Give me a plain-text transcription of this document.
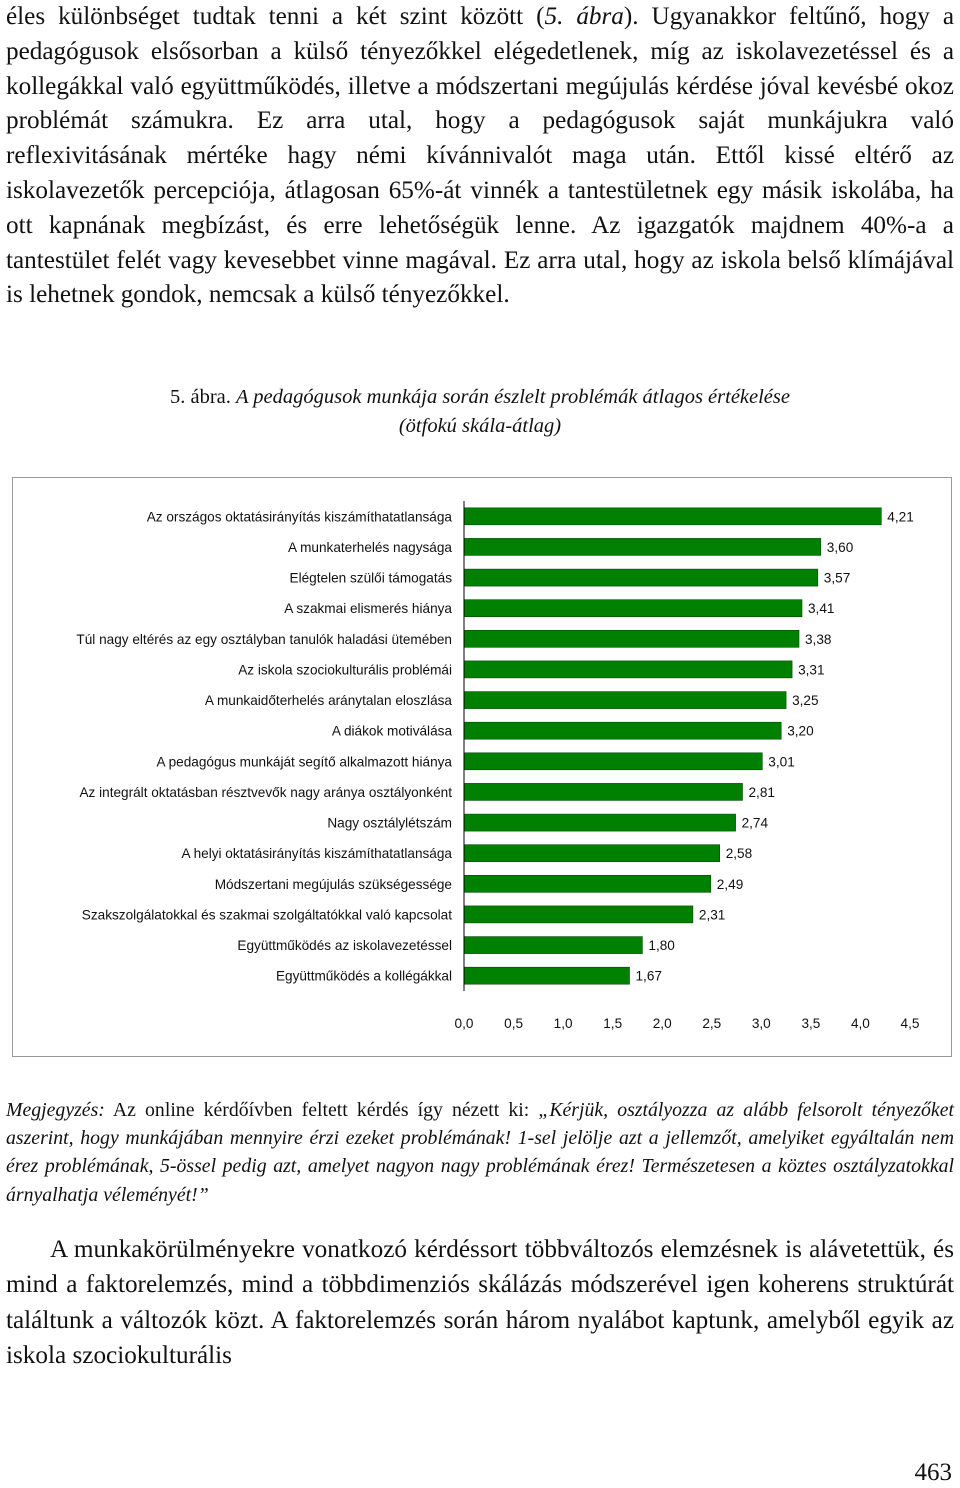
éles különbséget tudtak tenni a két szint között (5. ábra). Ugyanakkor feltűnő, hogy a pedagógusok elsősorban a külső tényezőkkel elégedetlenek, míg az iskolavezetéssel és a kollegákkal való együttműködés, illetve a módszertani megújulás kérdése jóval kevésbé okoz problémát számukra. Ez arra utal, hogy a pedagógusok saját munkájukra való reflexivitásának mértéke hagy némi kívánnivalót maga után. Ettől kissé eltérő az iskolavezetők percepciója, átlagosan 65%-át vinnék a tantestületnek egy másik iskolába, ha ott kapnának megbízást, és erre lehetőségük lenne. Az igazgatók majdnem 40%-a a tantestület felét vagy kevesebbet vinne magával. Ez arra utal, hogy az iskola belső klímájával is lehetnek gondok, nemcsak a külső tényezőkkel.

5. ábra. A pedagógusok munkája során észlelt problémák átlagos értékelése
(ötfokú skála-átlag)
Az országos oktatásirányítás kiszámíthatatlansága	4,21
A munkaterhelés nagysága	3,60
Elégtelen szülői támogatás	3,57
A szakmai elismerés hiánya	3,41
Túl nagy eltérés az egy osztályban tanulók haladási ütemében	3,38
Az iskola szociokulturális problémái	3,31
A munkaidőterhelés aránytalan eloszlása	3,25
A diákok motiválása	3,20
A pedagógus munkáját segítő alkalmazott hiánya	3,01
Az integrált oktatásban résztvevők nagy aránya osztályonként	2,81
Nagy osztálylétszám	2,74
A helyi oktatásirányítás kiszámíthatatlansága	2,58
Módszertani megújulás szükségessége	2,49
Szakszolgálatokkal és szakmai szolgáltatókkal való kapcsolat	2,31
Együttműködés az iskolavezetéssel	1,80
Együttműködés a kollégákkal	1,67
0,0 0,5 1,0 1,5 2,0 2,5 3,0 3,5 4,0 4,5

Megjegyzés: Az online kérdőívben feltett kérdés így nézett ki: „Kérjük, osztályozza az alább felsorolt tényezőket aszerint, hogy munkájában mennyire érzi ezeket problémának! 1-sel jelölje azt a jellemzőt, amelyiket egyáltalán nem érez problémának, 5-össel pedig azt, amelyet nagyon nagy problémának érez! Természetesen a köztes osztályzatokkal árnyalhatja véleményét!”

A munkakörülményekre vonatkozó kérdéssort többváltozós elemzésnek is alávetettük, és mind a faktorelemzés, mind a többdimenziós skálázás módszerével igen koherens struktúrát találtunk a változók közt. A faktorelemzés során három nyalábot kaptunk, amelyből egyik az iskola szociokulturális

463
